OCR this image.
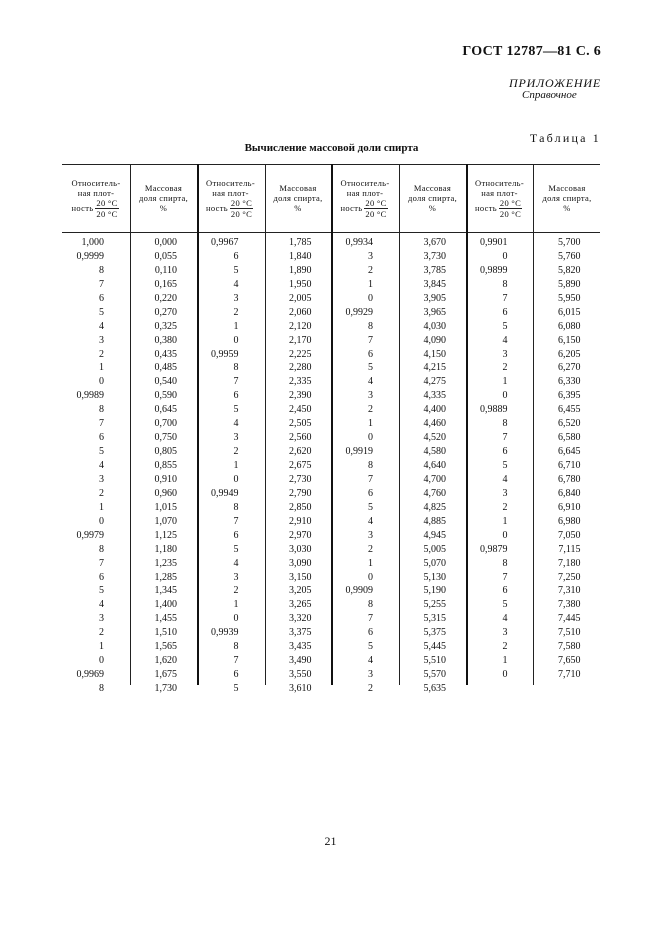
ГОСТ 12787—81 С. 6
ПРИЛОЖЕНИЕ
Справочное
Таблица 1
Вычисление массовой доли спирта
Относитель-
ная плот-
ность $\frac{20 ^\circ С}{20 ^\circ С}$
Массовая
доля спирта,
%
1,000
0,9999
8
7
6
5
4
3
2
1
0
0,9989
8
7
6
5
4
3
2
1
0
0,9979
8
7
6
5
4
3
2
1
0
0,9969
8
0,000
0,055
0,110
0,165
0,220
0,270
0,325
0,380
0,435
0,485
0,540
0,590
0,645
0,700
0,750
0,805
0,855
0,910
0,960
1,015
1,070
1,125
1,180
1,235
1,285
1,345
1,400
1,455
1,510
1,565
1,620
1,675
1,730
Относитель-
ная плот-
ность $\frac{20 ^\circ С}{20 ^\circ С}$
Массовая
доля спирта,
%
0,9967
6
5
4
3
2
1
0
0,9959
8
7
6
5
4
3
2
1
0
0,9949
8
7
6
5
4
3
2
1
0
0,9939
8
7
6
5
1,785
1,840
1,890
1,950
2,005
2,060
2,120
2,170
2,225
2,280
2,335
2,390
2,450
2,505
2,560
2,620
2,675
2,730
2,790
2,850
2,910
2,970
3,030
3,090
3,150
3,205
3,265
3,320
3,375
3,435
3,490
3,550
3,610
Относитель-
ная плот-
ность $\frac{20 ^\circ С}{20 ^\circ С}$
Массовая
доля спирта,
%
0,9934
3
2
1
0
0,9929
8
7
6
5
4
3
2
1
0
0,9919
8
7
6
5
4
3
2
1
0
0,9909
8
7
6
5
4
3
2
3,670
3,730
3,785
3,845
3,905
3,965
4,030
4,090
4,150
4,215
4,275
4,335
4,400
4,460
4,520
4,580
4,640
4,700
4,760
4,825
4,885
4,945
5,005
5,070
5,130
5,190
5,255
5,315
5,375
5,445
5,510
5,570
5,635
Относитель-
ная плот-
ность $\frac{20 ^\circ С}{20 ^\circ С}$
Массовая
доля спирта,
%
0,9901
0
0,9899
8
7
6
5
4
3
2
1
0
0,9889
8
7
6
5
4
3
2
1
0
0,9879
8
7
6
5
4
3
2
1
0
5,700
5,760
5,820
5,890
5,950
6,015
6,080
6,150
6,205
6,270
6,330
6,395
6,455
6,520
6,580
6,645
6,710
6,780
6,840
6,910
6,980
7,050
7,115
7,180
7,250
7,310
7,380
7,445
7,510
7,580
7,650
7,710
21
